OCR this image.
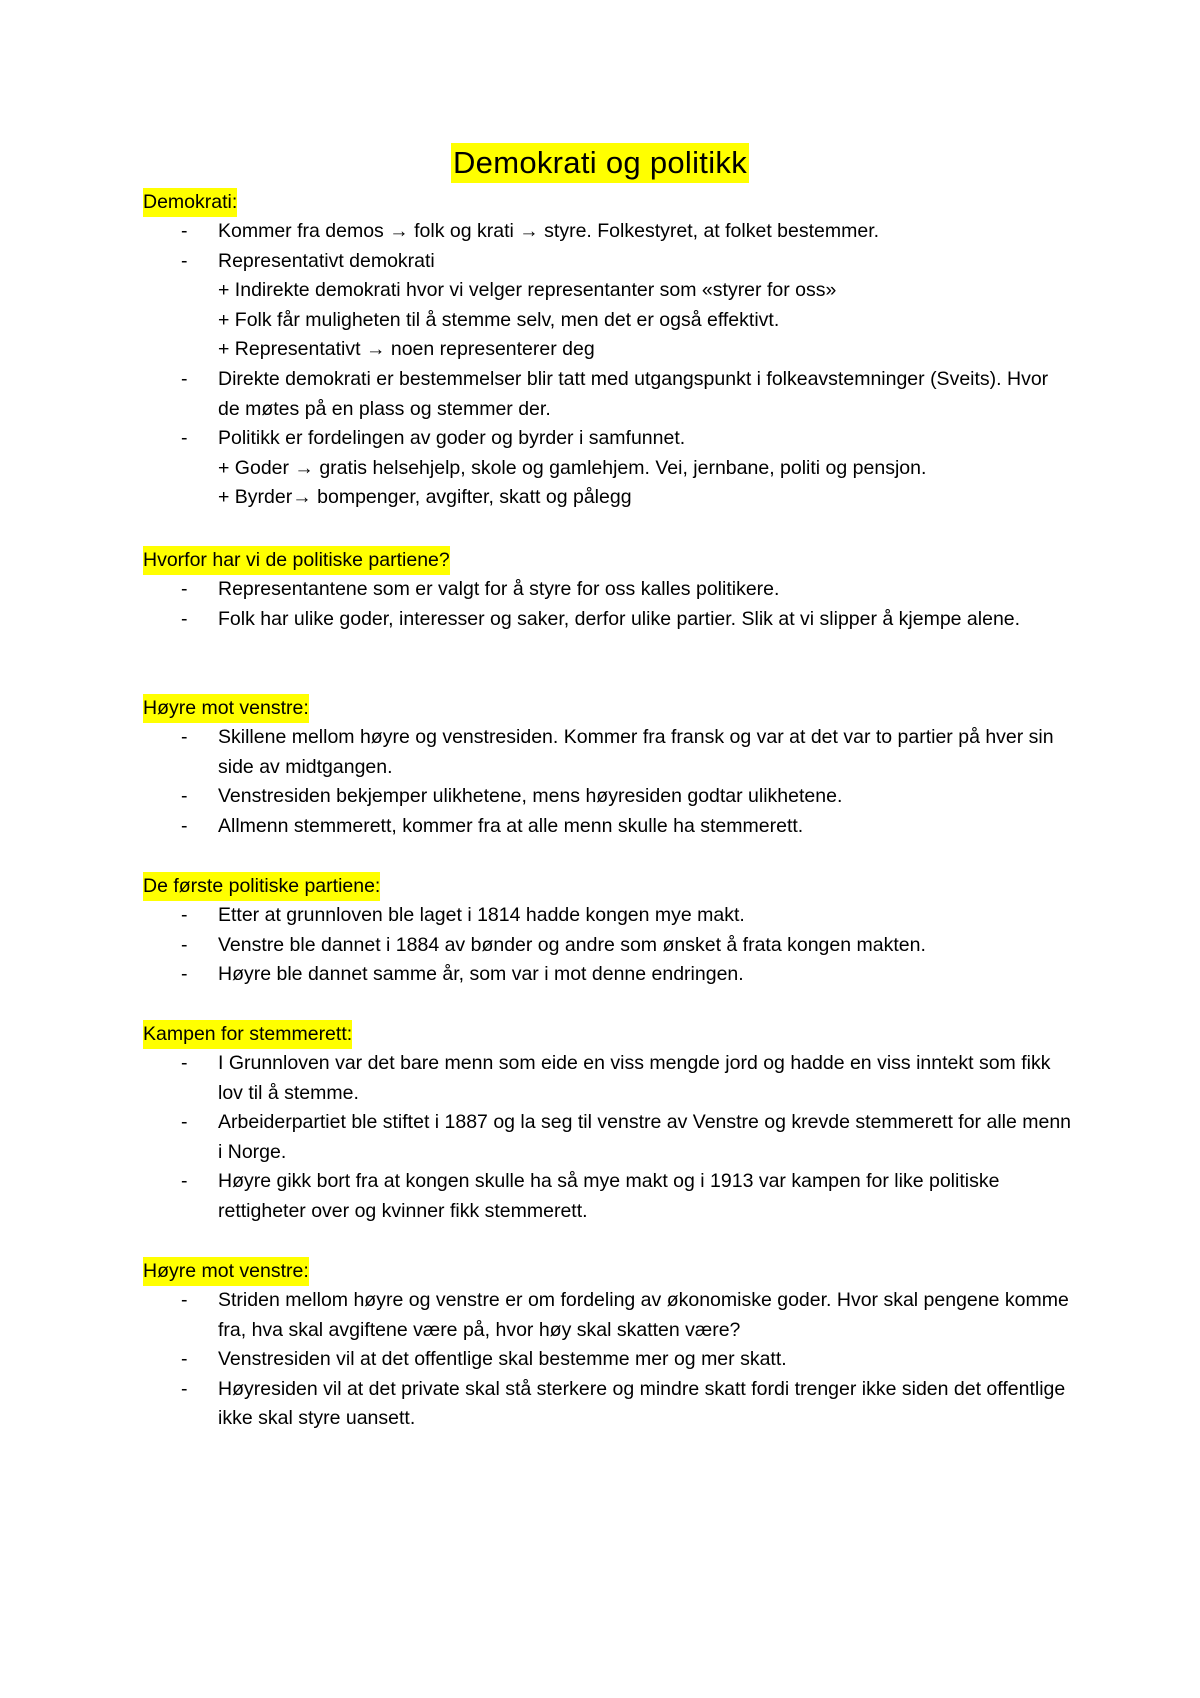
Demokrati og politikk
Demokrati:
- Kommer fra demos → folk og krati → styre. Folkestyret, at folket bestemmer.
- Representativt demokrati
+ Indirekte demokrati hvor vi velger representanter som «styrer for oss»
+ Folk får muligheten til å stemme selv, men det er også effektivt.
+ Representativt → noen representerer deg
- Direkte demokrati er bestemmelser blir tatt med utgangspunkt i folkeavstemninger (Sveits). Hvor de møtes på en plass og stemmer der.
- Politikk er fordelingen av goder og byrder i samfunnet.
+ Goder → gratis helsehjelp, skole og gamlehjem. Vei, jernbane, politi og pensjon.
+ Byrder→ bompenger, avgifter, skatt og pålegg
Hvorfor har vi de politiske partiene?
- Representantene som er valgt for å styre for oss kalles politikere.
- Folk har ulike goder, interesser og saker, derfor ulike partier. Slik at vi slipper å kjempe alene.
Høyre mot venstre:
- Skillene mellom høyre og venstresiden. Kommer fra fransk og var at det var to partier på hver sin side av midtgangen.
- Venstresiden bekjemper ulikhetene, mens høyresiden godtar ulikhetene.
- Allmenn stemmerett, kommer fra at alle menn skulle ha stemmerett.
De første politiske partiene:
- Etter at grunnloven ble laget i 1814 hadde kongen mye makt.
- Venstre ble dannet i 1884 av bønder og andre som ønsket å frata kongen makten.
- Høyre ble dannet samme år, som var i mot denne endringen.
Kampen for stemmerett:
- I Grunnloven var det bare menn som eide en viss mengde jord og hadde en viss inntekt som fikk lov til å stemme.
- Arbeiderpartiet ble stiftet i 1887 og la seg til venstre av Venstre og krevde stemmerett for alle menn i Norge.
- Høyre gikk bort fra at kongen skulle ha så mye makt og i 1913 var kampen for like politiske rettigheter over og kvinner fikk stemmerett.
Høyre mot venstre:
- Striden mellom høyre og venstre er om fordeling av økonomiske goder. Hvor skal pengene komme fra, hva skal avgiftene være på, hvor høy skal skatten være?
- Venstresiden vil at det offentlige skal bestemme mer og mer skatt.
- Høyresiden vil at det private skal stå sterkere og mindre skatt fordi trenger ikke siden det offentlige ikke skal styre uansett.
